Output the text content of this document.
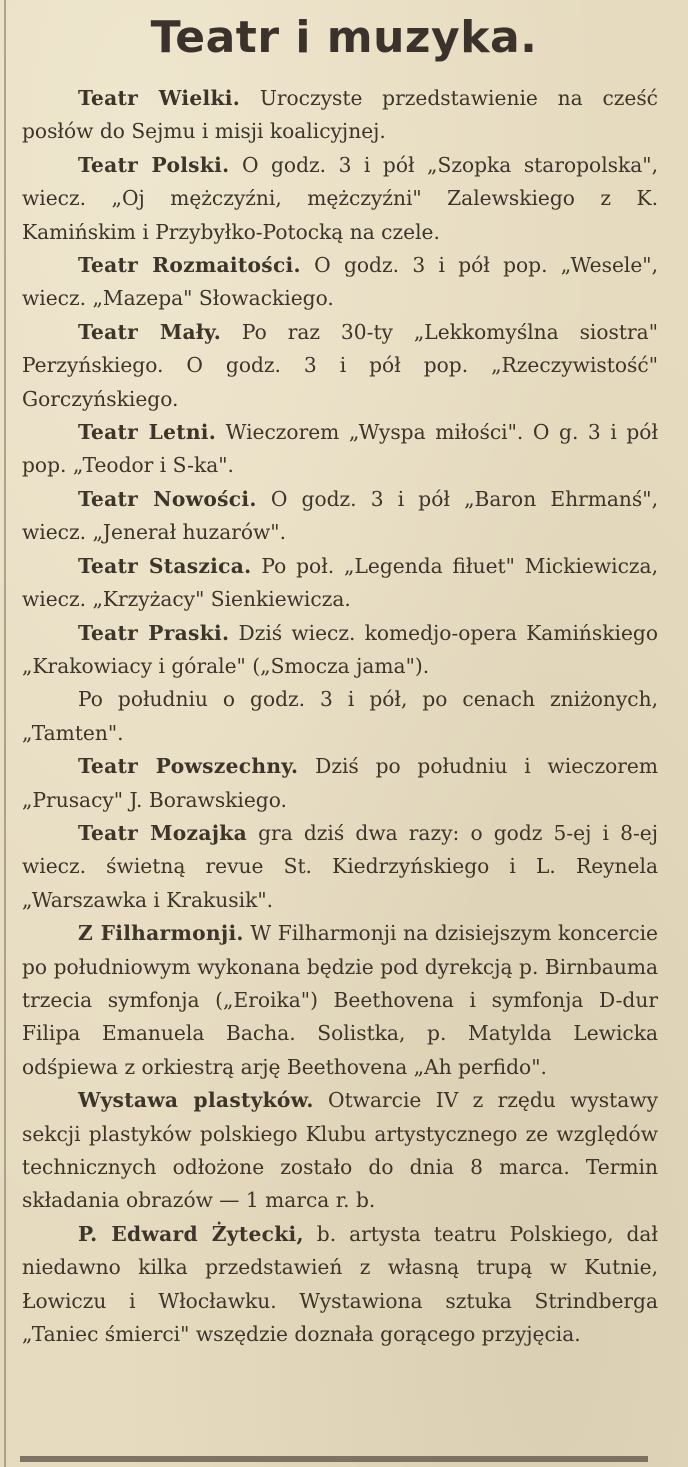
Teatr i muzyka.

Teatr Wielki. Uroczyste przedstawienie na cześć posłów do Sejmu i misji koalicyjnej.

Teatr Polski. O godz. 3 i pół „Szopka staropolska", wiecz. „Oj mężczyźni, mężczyźni" Zalewskiego z K. Kamińskim i Przybyłko-Potocką na czele.

Teatr Rozmaitości. O godz. 3 i pół pop. „Wesele", wiecz. „Mazepa" Słowackiego.

Teatr Mały. Po raz 30-ty „Lekkomyślna siostra" Perzyńskiego. O godz. 3 i pół pop. „Rzeczywistość" Gorczyńskiego.

Teatr Letni. Wieczorem „Wyspa miłości". O g. 3 i pół pop. „Teodor i S-ka".

Teatr Nowości. O godz. 3 i pół „Baron Ehrmanś", wiecz. „Jenerał huzarów".

Teatr Staszica. Po poł. „Legenda fiłuet" Mickiewicza, wiecz. „Krzyżacy" Sienkiewicza.

Teatr Praski. Dziś wiecz. komedjo-opera Kamińskiego „Krakowiacy i górale" („Smocza jama").

Po południu o godz. 3 i pół, po cenach zniżonych, „Tamten".

Teatr Powszechny. Dziś po południu i wieczorem „Prusacy" J. Borawskiego.

Teatr Mozajka gra dziś dwa razy: o godz 5-ej i 8-ej wiecz. świetną revue St. Kiedrzyńskiego i L. Reynela „Warszawka i Krakusik".

Z Filharmonji. W Filharmonji na dzisiejszym koncercie po południowym wykonana będzie pod dyrekcją p. Birnbauma trzecia symfonja („Eroika") Beethovena i symfonja D-dur Filipa Emanuela Bacha. Solistka, p. Matylda Lewicka odśpiewa z orkiestrą arję Beethovena „Ah perfido".

Wystawa plastyków. Otwarcie IV z rzędu wystawy sekcji plastyków polskiego Klubu artystycznego ze względów technicznych odłożone zostało do dnia 8 marca. Termin składania obrazów — 1 marca r. b.

P. Edward Żytecki, b. artysta teatru Polskiego, dał niedawno kilka przedstawień z własną trupą w Kutnie, Łowiczu i Włocławku. Wystawiona sztuka Strindberga „Taniec śmierci" wszędzie doznała gorącego przyjęcia.
